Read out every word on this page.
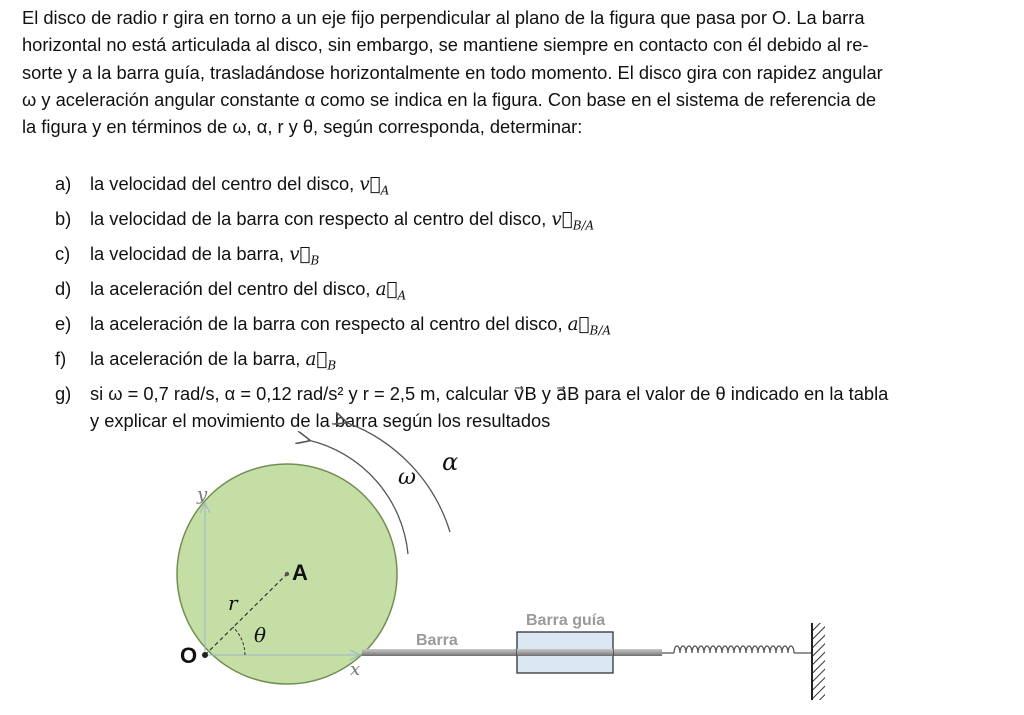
El disco de radio r gira en torno a un eje fijo perpendicular al plano de la figura que pasa por O. La barra
horizontal no está articulada al disco, sin embargo, se mantiene siempre en contacto con él debido al re-
sorte y a la barra guía, trasladándose horizontalmente en todo momento. El disco gira con rapidez angular
ω y aceleración angular constante α como se indica en la figura. Con base en el sistema de referencia de
la figura y en términos de ω, α, r y θ, según corresponda, determinar:
a)	la velocidad del centro del disco, $v⃗_A$
b)	la velocidad de la barra con respecto al centro del disco, $v⃗_{B/A}$
c)	la velocidad de la barra, $v⃗_B$
d)	la aceleración del centro del disco, $a⃗_A$
e)	la aceleración de la barra con respecto al centro del disco, $a⃗_{B/A}$
f)	la aceleración de la barra, $a⃗_B$
g)	si ω = 0,7 rad/s, α = 0,12 rad/s² y r = 2,5 m, calcular v⃗B y a⃗B para el valor de θ indicado en la tabla
y explicar el movimiento de la barra según los resultados
α
ω
y
x
A
r
θ
O
Barra
Barra guía
